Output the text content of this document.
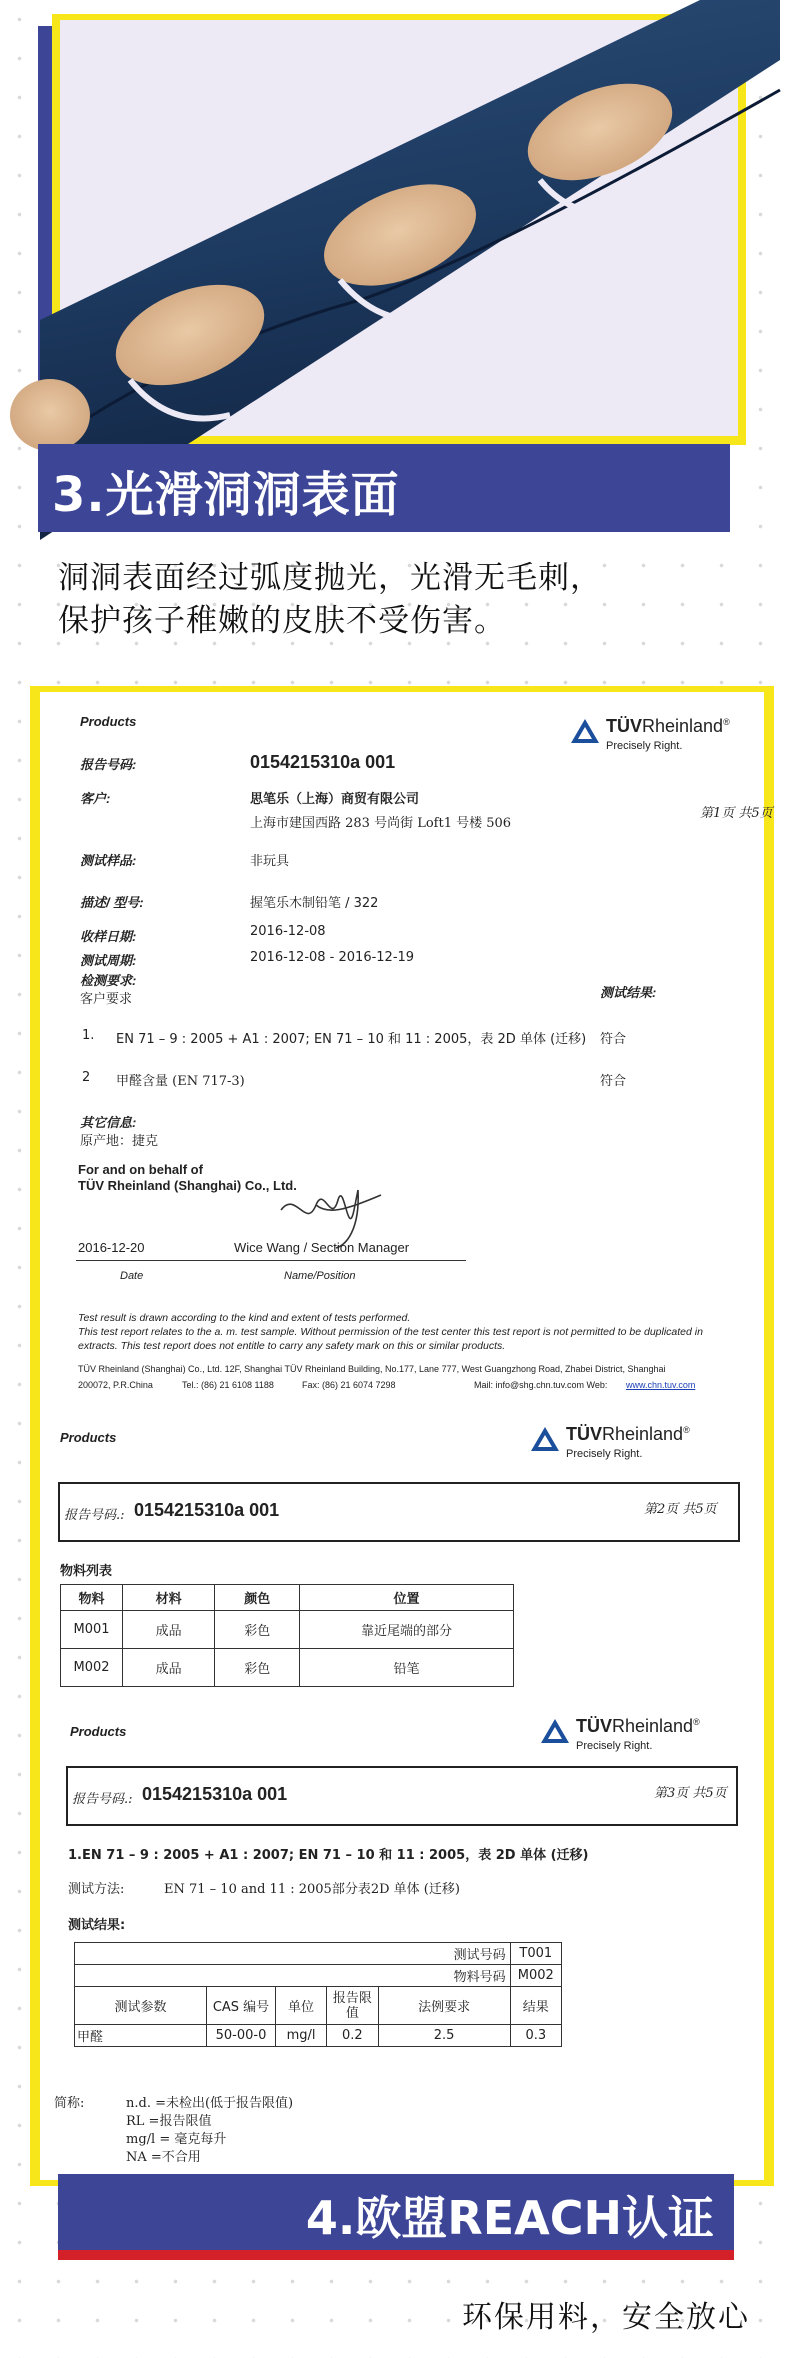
3.光滑洞洞表面
洞洞表面经过弧度抛光，光滑无毛刺，
保护孩子稚嫩的皮肤不受伤害。
Products	TÜVRheinland®
Precisely Right.
报告号码:	0154215310a 001
客户:	思笔乐（上海）商贸有限公司
上海市建国西路 283 号尚街 Loft1 号楼 506
第1页 共5页
测试样品:	非玩具
描述/ 型号:	握笔乐木制铅笔 / 322
收样日期:	2016-12-08
测试周期:	2016-12-08 - 2016-12-19
检测要求:
客户要求	测试结果:
1. EN 71 – 9 : 2005 + A1 : 2007; EN 71 – 10 和 11 : 2005，表 2D 单体 (迁移) 符合
2 甲醛含量 (EN 717-3)	符合
其它信息:
原产地：捷克
For and on behalf of
TÜV Rheinland (Shanghai) Co., Ltd.
2016-12-20	Wice Wang / Section Manager
Date	Name/Position
Test result is drawn according to the kind and extent of tests performed.
This test report relates to the a. m. test sample. Without permission of the test center this test report is not permitted to be duplicated in
extracts. This test report does not entitle to carry any safety mark on this or similar products.
TÜV Rheinland (Shanghai) Co., Ltd. 12F, Shanghai TÜV Rheinland Building, No.177, Lane 777, West Guangzhong Road, Zhabei District, Shanghai
200072, P.R.China	Tel.: (86) 21 6108 1188	Fax: (86) 21 6074 7298	Mail: info@shg.chn.tuv.com Web: www.chn.tuv.com
Products	TÜVRheinland®
Precisely Right.
报告号码.: 0154215310a 001	第2页 共5页
物料列表
物料	材料	颜色	位置
M001	成品	彩色	靠近尾端的部分
M002	成品	彩色	铅笔
Products	TÜVRheinland®
Precisely Right.
报告号码.: 0154215310a 001	第3页 共5页
1.EN 71 – 9 : 2005 + A1 : 2007; EN 71 – 10 和 11 : 2005，表 2D 单体 (迁移)
测试方法:	EN 71 – 10 and 11 : 2005部分表2D 单体 (迁移)
测试结果:
测试号码					T001
物料号码					M002
测试参数	CAS 编号	单位	报告限值	法例要求	结果
甲醛	50-00-0	mg/l	0.2	2.5	0.3
简称:	n.d. =未检出(低于报告限值)
RL =报告限值
mg/l = 毫克每升
NA =不合用
4.欧盟REACH认证
环保用料，安全放心
